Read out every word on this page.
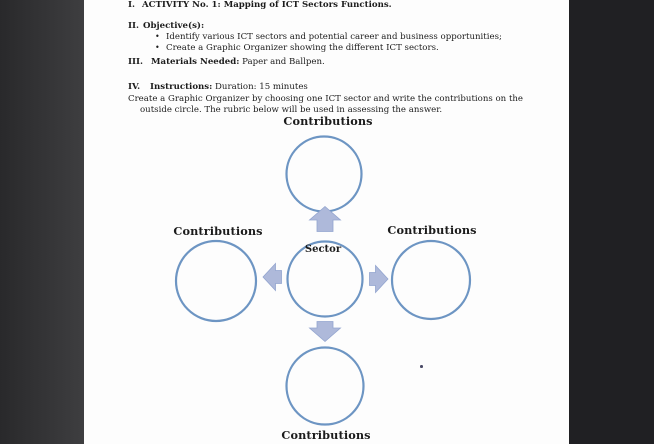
I. ACTIVITY No. 1: Mapping of ICT Sectors Functions.
II. Objective(s):
• Identify various ICT sectors and potential career and business opportunities;
• Create a Graphic Organizer showing the different ICT sectors.
III. Materials Needed: Paper and Ballpen.
IV. Instructions: Duration: 15 minutes
Create a Graphic Organizer by choosing one ICT sector and write the contributions on the
outside circle. The rubric below will be used in assessing the answer.
Contributions
Contributions	Contributions
Sector
Contributions
